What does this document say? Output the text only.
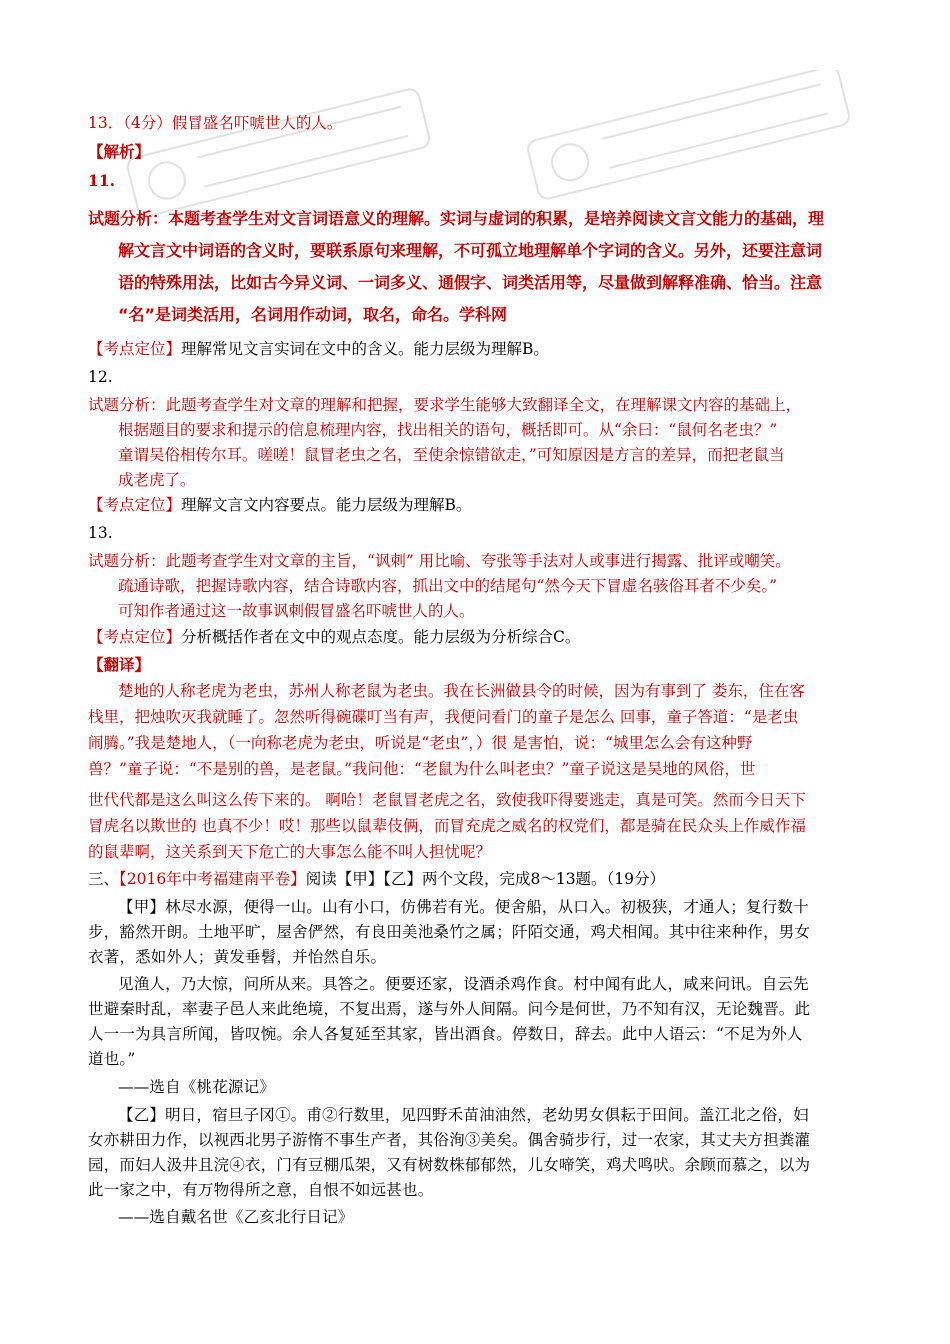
13．（4分）假冒盛名吓唬世人的人。
【解析】
11.
试题分析：本题考查学生对文言词语意义的理解。实词与虚词的积累，是培养阅读文言文能力的基础，理
解文言文中词语的含义时，要联系原句来理解，不可孤立地理解单个字词的含义。另外，还要注意词
语的特殊用法，比如古今异义词、一词多义、通假字、词类活用等，尽量做到解释准确、恰当。注意
“名”是词类活用，名词用作动词，取名，命名。学科网
【考点定位】理解常见文言实词在文中的含义。能力层级为理解B。
12.
试题分析：此题考查学生对文章的理解和把握，要求学生能够大致翻译全文，在理解课文内容的基础上，
根据题目的要求和提示的信息梳理内容，找出相关的语句，概括即可。从“余曰：“鼠何名老虫？”
童谓吴俗相传尔耳。嗟嗟！鼠冒老虫之名，至使余惊错欲走，”可知原因是方言的差异，而把老鼠当
成老虎了。
【考点定位】理解文言文内容要点。能力层级为理解B。
13.
试题分析：此题考查学生对文章的主旨，“讽刺” 用比喻、夸张等手法对人或事进行揭露、批评或嘲笑。
疏通诗歌，把握诗歌内容，结合诗歌内容，抓出文中的结尾句“然今天下冒虚名骇俗耳者不少矣。”
可知作者通过这一故事讽刺假冒盛名吓唬世人的人。
【考点定位】分析概括作者在文中的观点态度。能力层级为分析综合C。
【翻译】
楚地的人称老虎为老虫，苏州人称老鼠为老虫。我在长洲做县令的时候，因为有事到了 娄东，住在客
栈里，把烛吹灭我就睡了。忽然听得碗碟叮当有声，我便问看门的童子是怎么 回事，童子答道：“是老虫
闹腾。”我是楚地人，（一向称老虎为老虫，听说是“老虫”，）很 是害怕，说：“城里怎么会有这种野
兽？”童子说：“不是别的兽，是老鼠。”我问他：“老鼠为什么叫老虫？”童子说这是吴地的风俗，世
世代代都是这么叫这么传下来的。 啊哈！老鼠冒老虎之名，致使我吓得要逃走，真是可笑。然而今日天下
冒虎名以欺世的 也真不少！哎！那些以鼠辈伎俩，而冒充虎之威名的权党们，都是骑在民众头上作威作福
的鼠辈啊，这关系到天下危亡的大事怎么能不叫人担忧呢？
三、【2016年中考福建南平卷】阅读【甲】【乙】两个文段，完成8～13题。（19分）
【甲】林尽水源，便得一山。山有小口，仿佛若有光。便舍船，从口入。初极狭，才通人；复行数十
步，豁然开朗。土地平旷，屋舍俨然，有良田美池桑竹之属；阡陌交通，鸡犬相闻。其中往来种作，男女
衣著，悉如外人；黄发垂髫，并怡然自乐。
见渔人，乃大惊，问所从来。具答之。便要还家，设酒杀鸡作食。村中闻有此人，咸来问讯。自云先
世避秦时乱，率妻子邑人来此绝境，不复出焉，遂与外人间隔。问今是何世，乃不知有汉，无论魏晋。此
人一一为具言所闻，皆叹惋。余人各复延至其家，皆出酒食。停数日，辞去。此中人语云：“不足为外人
道也。”
——选自《桃花源记》
【乙】明日，宿旦子冈①。甫②行数里，见四野禾苗油油然，老幼男女俱耘于田间。盖江北之俗，妇
女亦耕田力作，以视西北男子游惰不事生产者，其俗洵③美矣。偶舍骑步行，过一农家，其丈夫方担粪灌
园，而妇人汲井且浣④衣，门有豆棚瓜架，又有树数株郁郁然，儿女啼笑，鸡犬鸣吠。余顾而慕之，以为
此一家之中，有万物得所之意，自恨不如远甚也。
——选自戴名世《乙亥北行日记》
